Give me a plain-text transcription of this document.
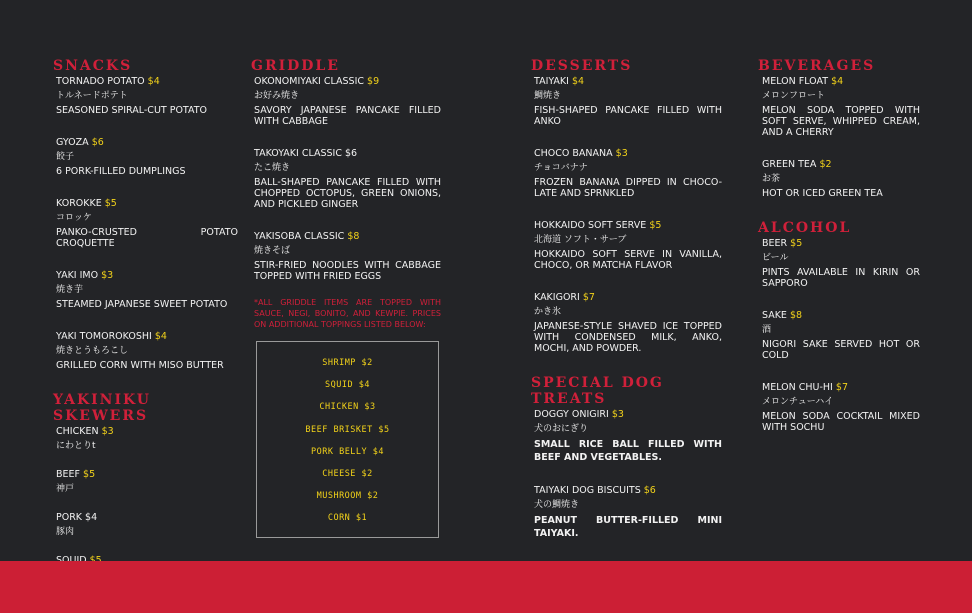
SNACKS
TORNADO POTATO $4
トルネードポテト
SEASONED SPIRAL-CUT POTATO
GYOZA $6
餃子
6 PORK-FILLED DUMPLINGS
KOROKKE $5
コロッケ
PANKO-CRUSTED POTATO CROQUETTE
YAKI IMO $3
焼き芋
STEAMED JAPANESE SWEET POTATO
YAKI TOMOROKOSHI $4
焼きとうもろこし
GRILLED CORN WITH MISO BUTTER
YAKINIKU SKEWERS
CHICKEN $3
にわとりt
BEEF $5
神戸
PORK $4
豚肉
GRIDDLE
OKONOMIYAKI CLASSIC $9
お好み焼き
SAVORY JAPANESE PANCAKE FILLED WITH CABBAGE
TAKOYAKI CLASSIC $6
たこ焼き
BALL-SHAPED PANCAKE FILLED WITH CHOPPED OCTOPUS, GREEN ONIONS, AND PICKLED GINGER
YAKISOBA CLASSIC $8
焼きそば
STIR-FRIED NOODLES WITH CABBAGE TOPPED WITH FRIED EGGS
*ALL GRIDDLE ITEMS ARE TOPPED WITH SAUCE, NEGI, BONITO, AND KEWPIE. PRICES ON ADDITIONAL TOPPINGS LISTED BELOW:
SHRIMP $2
SQUID $4
CHICKEN $3
BEEF BRISKET $5
PORK BELLY $4
CHEESE $2
MUSHROOM $2
CORN $1
DESSERTS
TAIYAKI $4
鯛焼き
FISH-SHAPED PANCAKE FILLED WITH ANKO
CHOCO BANANA $3
チョコバナナ
FROZEN BANANA DIPPED IN CHOCO-LATE AND SPRNKLED
HOKKAIDO SOFT SERVE $5
北海道 ソフト・サーブ
HOKKAIDO SOFT SERVE IN VANILLA, CHOCO, OR MATCHA FLAVOR
KAKIGORI $7
かき氷
JAPANESE-STYLE SHAVED ICE TOPPED WITH CONDENSED MILK, ANKO, MOCHI, AND POWDER.
SPECIAL DOG TREATS
DOGGY ONIGIRI $3
犬のおにぎり
SMALL RICE BALL FILLED WITH BEEF AND VEGETABLES.
TAIYAKI DOG BISCUITS $6
犬の鯛焼き
PEANUT BUTTER-FILLED MINI TAIYAKI.
BEVERAGES
MELON FLOAT $4
メロンフロート
MELON SODA TOPPED WITH SOFT SERVE, WHIPPED CREAM, AND A CHERRY
GREEN TEA $2
お茶
HOT OR ICED GREEN TEA
ALCOHOL
BEER $5
ビール
PINTS AVAILABLE IN KIRIN OR SAPPORO
SAKE $8
酒
NIGORI SAKE SERVED HOT OR COLD
MELON CHU-HI $7
メロンチューハイ
MELON SODA COCKTAIL MIXED WITH SOCHU
